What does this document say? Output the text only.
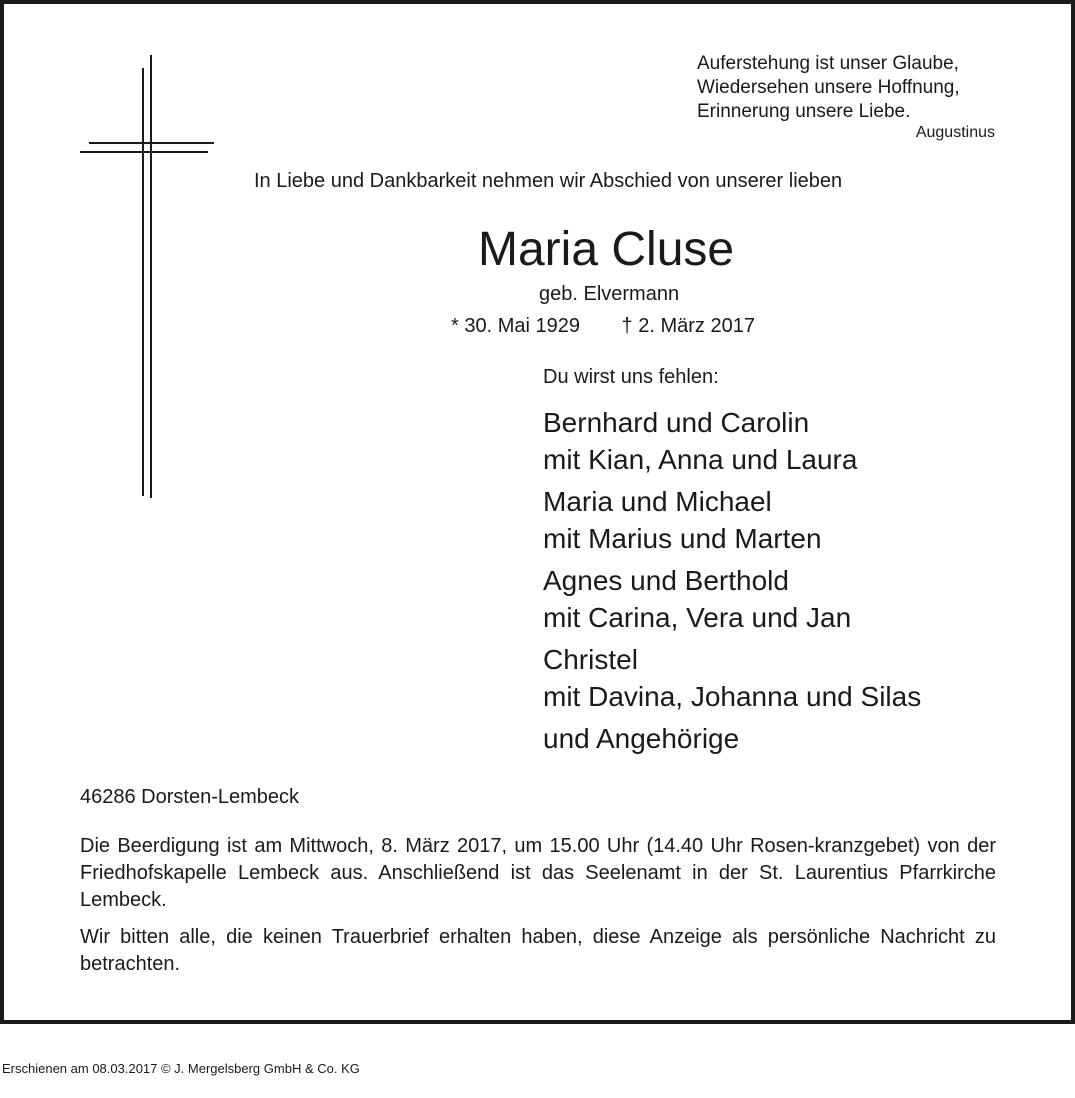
Auferstehung ist unser Glaube,
Wiedersehen unsere Hoffnung,
Erinnerung unsere Liebe.
Augustinus
In Liebe und Dankbarkeit nehmen wir Abschied von unserer lieben
Maria Cluse
geb. Elvermann
* 30. Mai 1929 † 2. März 2017
Du wirst uns fehlen:
Bernhard und Carolin
mit Kian, Anna und Laura
Maria und Michael
mit Marius und Marten
Agnes und Berthold
mit Carina, Vera und Jan
Christel
mit Davina, Johanna und Silas
und Angehörige
46286 Dorsten-Lembeck
Die Beerdigung ist am Mittwoch, 8. März 2017, um 15.00 Uhr (14.40 Uhr Rosen-kranzgebet) von der Friedhofskapelle Lembeck aus. Anschließend ist das Seelenamt in der St. Laurentius Pfarrkirche Lembeck.
Wir bitten alle, die keinen Trauerbrief erhalten haben, diese Anzeige als persönliche Nachricht zu betrachten.
Erschienen am 08.03.2017 © J. Mergelsberg GmbH & Co. KG
